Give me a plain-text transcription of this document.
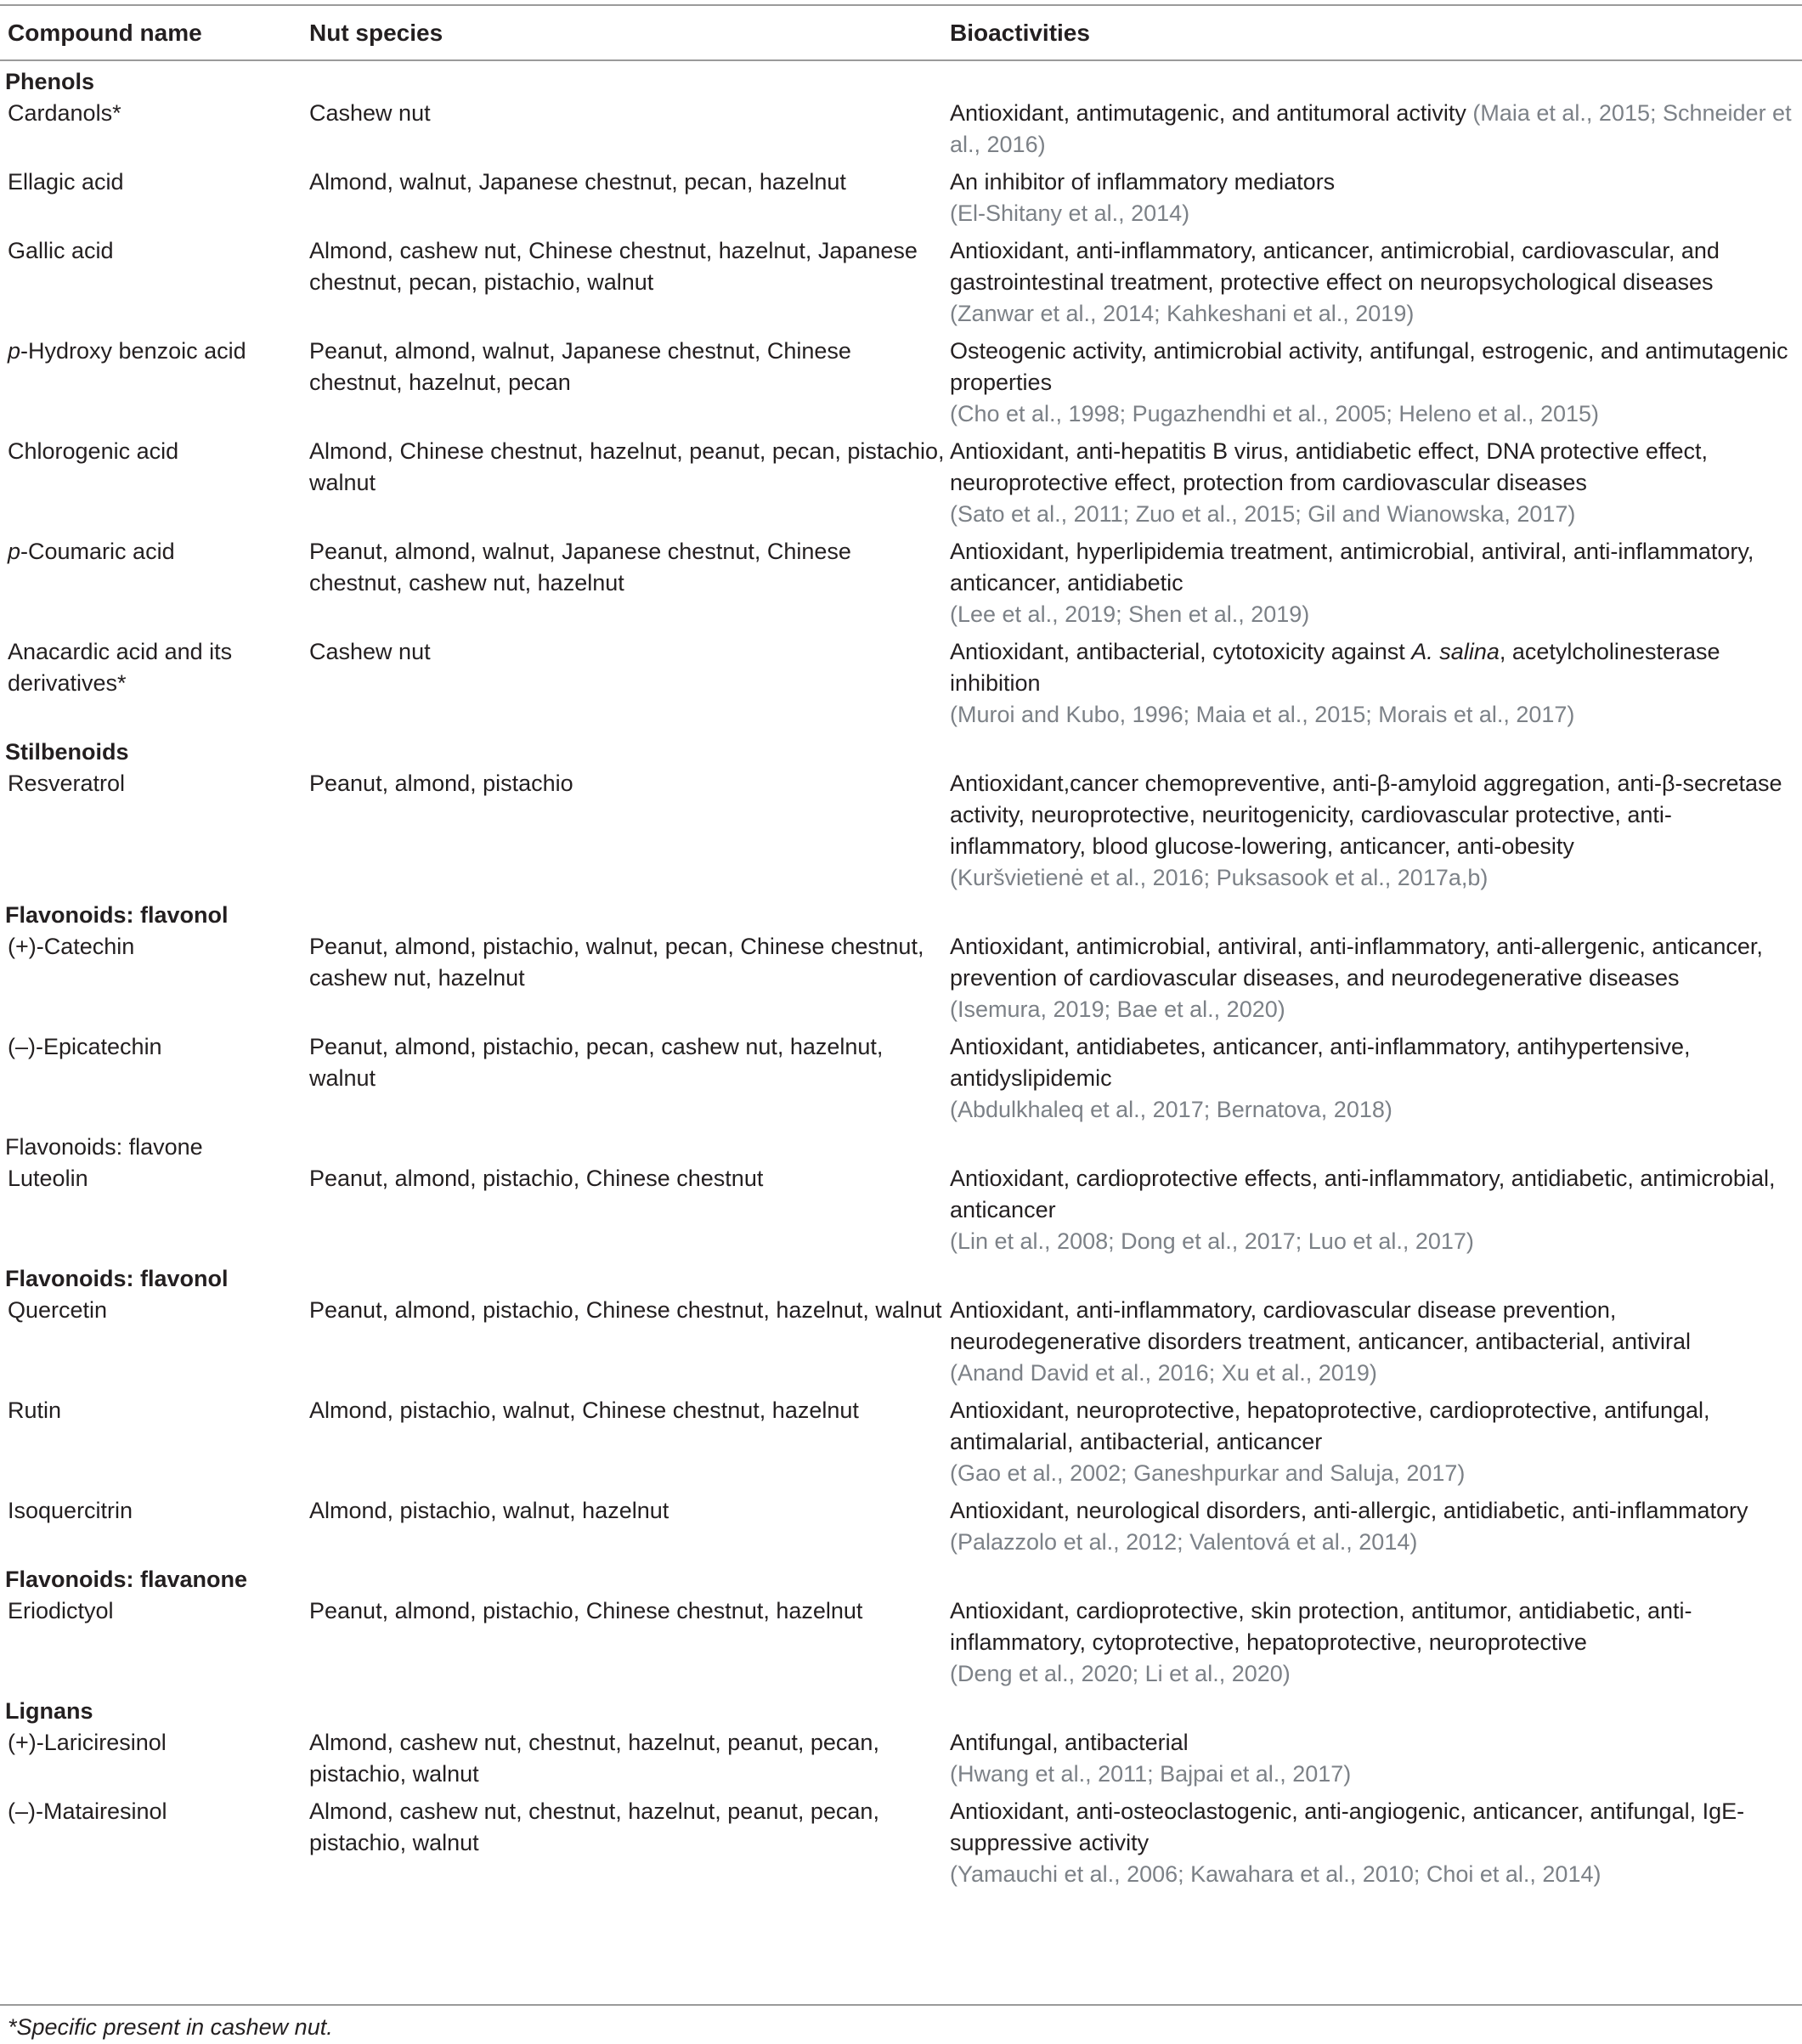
Compound name	Nut species	Bioactivities
Phenols		
Cardanols*	Cashew nut	Antioxidant, antimutagenic, and antitumoral activity (Maia et al., 2015; Schneider et al., 2016)
Ellagic acid	Almond, walnut, Japanese chestnut, pecan, hazelnut	An inhibitor of inflammatory mediators
(El-Shitany et al., 2014)

Gallic acid	Almond, cashew nut, Chinese chestnut, hazelnut, Japanese chestnut, pecan, pistachio, walnut	Antioxidant, anti-inflammatory, anticancer, antimicrobial, cardiovascular, and gastrointestinal treatment, protective effect on neuropsychological diseases
(Zanwar et al., 2014; Kahkeshani et al., 2019)

p-Hydroxy benzoic acid	Peanut, almond, walnut, Japanese chestnut, Chinese chestnut, hazelnut, pecan	Osteogenic activity, antimicrobial activity, antifungal, estrogenic, and antimutagenic properties
(Cho et al., 1998; Pugazhendhi et al., 2005; Heleno et al., 2015)

Chlorogenic acid	Almond, Chinese chestnut, hazelnut, peanut, pecan, pistachio, walnut	Antioxidant, anti-hepatitis B virus, antidiabetic effect, DNA protective effect, neuroprotective effect, protection from cardiovascular diseases
(Sato et al., 2011; Zuo et al., 2015; Gil and Wianowska, 2017)

p-Coumaric acid	Peanut, almond, walnut, Japanese chestnut, Chinese chestnut, cashew nut, hazelnut	Antioxidant, hyperlipidemia treatment, antimicrobial, antiviral, anti-inflammatory, anticancer, antidiabetic
(Lee et al., 2019; Shen et al., 2019)

Anacardic acid and its derivatives*	Cashew nut	Antioxidant, antibacterial, cytotoxicity against A. salina, acetylcholinesterase inhibition
(Muroi and Kubo, 1996; Maia et al., 2015; Morais et al., 2017)

Stilbenoids		
Resveratrol	Peanut, almond, pistachio	Antioxidant,cancer chemopreventive, anti-β-amyloid aggregation, anti-β-secretase activity, neuroprotective, neuritogenicity, cardiovascular protective, anti-inflammatory, blood glucose-lowering, anticancer, anti-obesity
(Kuršvietienė et al., 2016; Puksasook et al., 2017a,b)

Flavonoids: flavonol		
(+)-Catechin	Peanut, almond, pistachio, walnut, pecan, Chinese chestnut, cashew nut, hazelnut	Antioxidant, antimicrobial, antiviral, anti-inflammatory, anti-allergenic, anticancer, prevention of cardiovascular diseases, and neurodegenerative diseases
(Isemura, 2019; Bae et al., 2020)

(–)-Epicatechin	Peanut, almond, pistachio, pecan, cashew nut, hazelnut, walnut	Antioxidant, antidiabetes, anticancer, anti-inflammatory, antihypertensive, antidyslipidemic
(Abdulkhaleq et al., 2017; Bernatova, 2018)

Flavonoids: flavone		
Luteolin	Peanut, almond, pistachio, Chinese chestnut	Antioxidant, cardioprotective effects, anti-inflammatory, antidiabetic, antimicrobial, anticancer
(Lin et al., 2008; Dong et al., 2017; Luo et al., 2017)

Flavonoids: flavonol		
Quercetin	Peanut, almond, pistachio, Chinese chestnut, hazelnut, walnut	Antioxidant, anti-inflammatory, cardiovascular disease prevention, neurodegenerative disorders treatment, anticancer, antibacterial, antiviral
(Anand David et al., 2016; Xu et al., 2019)

Rutin	Almond, pistachio, walnut, Chinese chestnut, hazelnut	Antioxidant, neuroprotective, hepatoprotective, cardioprotective, antifungal, antimalarial, antibacterial, anticancer
(Gao et al., 2002; Ganeshpurkar and Saluja, 2017)

Isoquercitrin	Almond, pistachio, walnut, hazelnut	Antioxidant, neurological disorders, anti-allergic, antidiabetic, anti-inflammatory
(Palazzolo et al., 2012; Valentová et al., 2014)

Flavonoids: flavanone		
Eriodictyol	Peanut, almond, pistachio, Chinese chestnut, hazelnut	Antioxidant, cardioprotective, skin protection, antitumor, antidiabetic, anti-inflammatory, cytoprotective, hepatoprotective, neuroprotective
(Deng et al., 2020; Li et al., 2020)

Lignans		
(+)-Lariciresinol	Almond, cashew nut, chestnut, hazelnut, peanut, pecan, pistachio, walnut	Antifungal, antibacterial
(Hwang et al., 2011; Bajpai et al., 2017)

(–)-Matairesinol	Almond, cashew nut, chestnut, hazelnut, peanut, pecan, pistachio, walnut	Antioxidant, anti-osteoclastogenic, anti-angiogenic, anticancer, antifungal, IgE-suppressive activity
(Yamauchi et al., 2006; Kawahara et al., 2010; Choi et al., 2014)
*Specific present in cashew nut.
